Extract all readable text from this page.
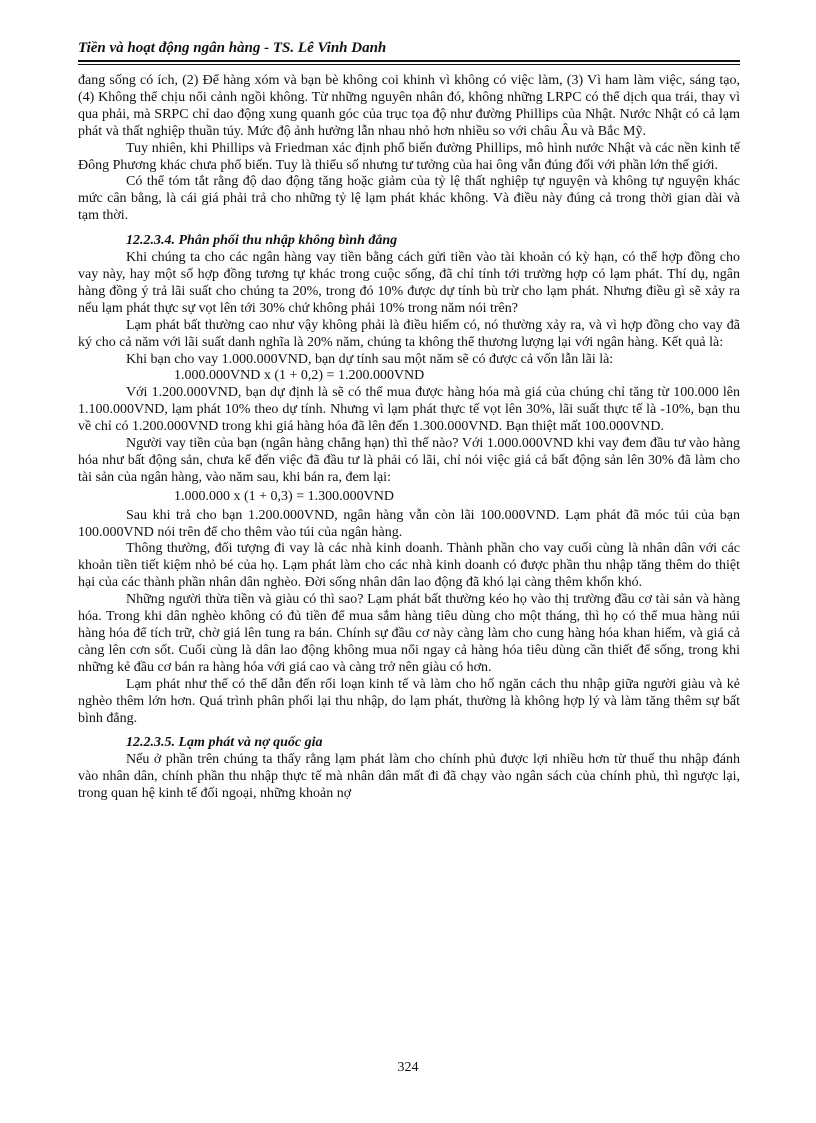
Tiền và hoạt động ngân hàng - TS. Lê Vinh Danh

đang sống có ích, (2) Để hàng xóm và bạn bè không coi khinh vì không có việc làm, (3) Vì ham làm việc, sáng tạo, (4) Không thể chịu nổi cảnh ngồi không. Từ những nguyên nhân đó, không những LRPC có thể dịch qua trái, thay vì qua phải, mà SRPC chỉ dao động xung quanh góc của trục tọa độ như đường Phillips của Nhật. Nước Nhật có cả lạm phát và thất nghiệp thuần túy. Mức độ ảnh hưởng lẫn nhau nhỏ hơn nhiều so với châu Âu và Bắc Mỹ.

Tuy nhiên, khi Phillips và Friedman xác định phổ biến đường Phillips, mô hình nước Nhật và các nền kinh tế Đông Phương khác chưa phổ biến. Tuy là thiểu số nhưng tư tưởng của hai ông vẫn đúng đối với phần lớn thế giới.

Có thể tóm tắt rằng độ dao động tăng hoặc giảm của tỷ lệ thất nghiệp tự nguyện và không tự nguyện khác mức cân bằng, là cái giá phải trả cho những tỷ lệ lạm phát khác không. Và điều này đúng cả trong thời gian dài và tạm thời.

12.2.3.4. Phân phối thu nhập không bình đẳng

Khi chúng ta cho các ngân hàng vay tiền bằng cách gửi tiền vào tài khoản có kỳ hạn, có thể hợp đồng cho vay này, hay một số hợp đồng tương tự khác trong cuộc sống, đã chỉ tính tới trường hợp có lạm phát. Thí dụ, ngân hàng đồng ý trả lãi suất cho chúng ta 20%, trong đó 10% được dự tính bù trừ cho lạm phát. Nhưng điều gì sẽ xảy ra nếu lạm phát thực sự vọt lên tới 30% chứ không phải 10% trong năm nói trên?

Lạm phát bất thường cao như vậy không phải là điều hiếm có, nó thường xảy ra, và vì hợp đồng cho vay đã ký cho cả năm với lãi suất danh nghĩa là 20% năm, chúng ta không thể thương lượng lại với ngân hàng. Kết quả là:

Khi bạn cho vay 1.000.000VND, bạn dự tính sau một năm sẽ có được cả vốn lẫn lãi là:

1.000.000VND x (1 + 0,2) = 1.200.000VND

Với 1.200.000VND, bạn dự định là sẽ có thể mua được hàng hóa mà giá của chúng chỉ tăng từ 100.000 lên 1.100.000VND, lạm phát 10% theo dự tính. Nhưng vì lạm phát thực tế vọt lên 30%, lãi suất thực tế là -10%, bạn thu về chỉ có 1.200.000VND trong khi giá hàng hóa đã lên đến 1.300.000VND. Bạn thiệt mất 100.000VND.

Người vay tiền của bạn (ngân hàng chẳng hạn) thì thế nào? Với 1.000.000VND khi vay đem đầu tư vào hàng hóa như bất động sản, chưa kể đến việc đã đầu tư là phải có lãi, chỉ nói việc giá cả bất động sản lên 30% đã làm cho tài sản của ngân hàng, vào năm sau, khi bán ra, đem lại:

1.000.000 x (1 + 0,3) = 1.300.000VND

Sau khi trả cho bạn 1.200.000VND, ngân hàng vẫn còn lãi 100.000VND. Lạm phát đã móc túi của bạn 100.000VND nói trên để cho thêm vào túi của ngân hàng.

Thông thường, đối tượng đi vay là các nhà kinh doanh. Thành phần cho vay cuối cùng là nhân dân với các khoản tiền tiết kiệm nhỏ bé của họ. Lạm phát làm cho các nhà kinh doanh có được phần thu nhập tăng thêm do thiệt hại của các thành phần nhân dân nghèo. Đời sống nhân dân lao động đã khó lại càng thêm khốn khó.

Những người thừa tiền và giàu có thì sao? Lạm phát bất thường kéo họ vào thị trường đầu cơ tài sản và hàng hóa. Trong khi dân nghèo không có đủ tiền để mua sắm hàng tiêu dùng cho một tháng, thì họ có thể mua hàng núi hàng hóa để tích trữ, chờ giá lên tung ra bán. Chính sự đầu cơ này càng làm cho cung hàng hóa khan hiếm, và giá cả càng lên cơn sốt. Cuối cùng là dân lao động không mua nổi ngay cả hàng hóa tiêu dùng cần thiết để sống, trong khi những kẻ đầu cơ bán ra hàng hóa với giá cao và càng trở nên giàu có hơn.

Lạm phát như thế có thể dẫn đến rối loạn kinh tế và làm cho hố ngăn cách thu nhập giữa người giàu và kẻ nghèo thêm lớn hơn. Quá trình phân phối lại thu nhập, do lạm phát, thường là không hợp lý và làm tăng thêm sự bất bình đẳng.

12.2.3.5. Lạm phát và nợ quốc gia

Nếu ở phần trên chúng ta thấy rằng lạm phát làm cho chính phủ được lợi nhiều hơn từ thuế thu nhập đánh vào nhân dân, chính phần thu nhập thực tế mà nhân dân mất đi đã chạy vào ngân sách của chính phủ, thì ngược lại, trong quan hệ kinh tế đối ngoại, những khoản nợ

324
